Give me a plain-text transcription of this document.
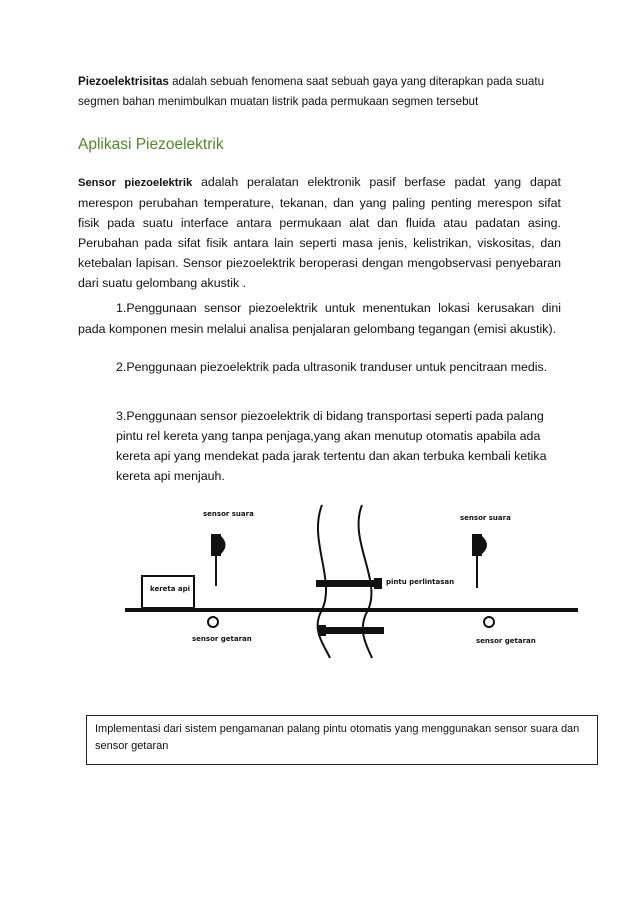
Piezoelektrisitas adalah sebuah fenomena saat sebuah gaya yang diterapkan pada suatu segmen bahan menimbulkan muatan listrik pada permukaan segmen tersebut

Aplikasi Piezoelektrik

Sensor piezoelektrik adalah peralatan elektronik pasif berfase padat yang dapat merespon perubahan temperature, tekanan, dan yang paling penting merespon sifat fisik pada suatu interface antara permukaan alat dan fluida atau padatan asing. Perubahan pada sifat fisik antara lain seperti masa jenis, kelistrikan, viskositas, dan ketebalan lapisan. Sensor piezoelektrik beroperasi dengan mengobservasi penyebaran dari suatu gelombang akustik .

1.Penggunaan sensor piezoelektrik untuk menentukan lokasi kerusakan dini pada komponen mesin melalui analisa penjalaran gelombang tegangan (emisi akustik).

2.Penggunaan piezoelektrik pada ultrasonik tranduser untuk pencitraan medis.

3.Penggunaan sensor piezoelektrik di bidang transportasi seperti pada palang pintu rel kereta yang tanpa penjaga,yang akan menutup otomatis apabila ada kereta api yang mendekat pada jarak tertentu dan akan terbuka kembali ketika kereta api menjauh.

kereta api
sensor suara	sensor suara
pintu perlintasan
sensor getaran	sensor getaran
Implementasi dari sistem pengamanan palang pintu otomatis yang menggunakan sensor suara dan sensor getaran
